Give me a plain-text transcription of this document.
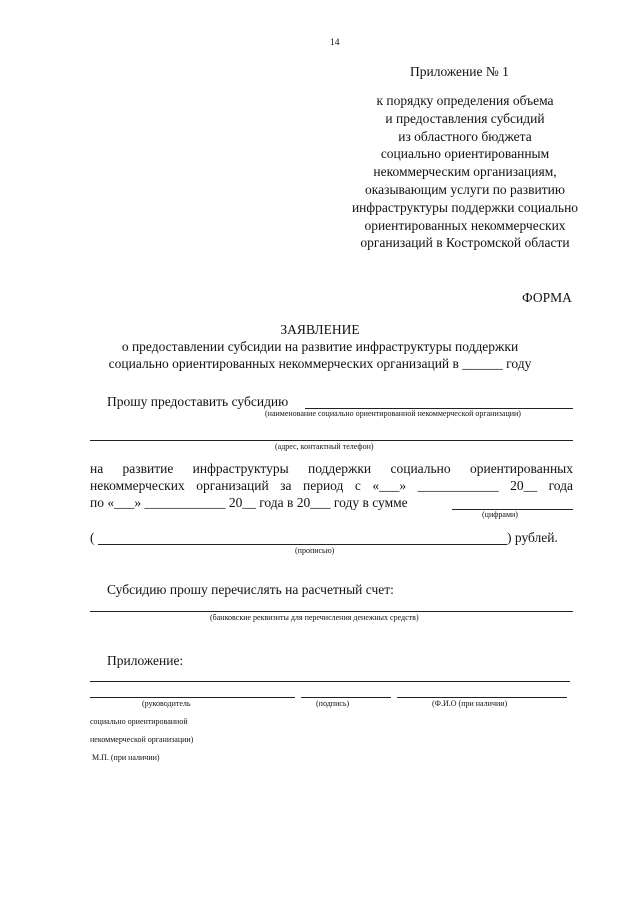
14
Приложение № 1
к порядку определения объема
и предоставления субсидий
из областного бюджета
социально ориентированным
некоммерческим организациям,
оказывающим услуги по развитию
инфраструктуры поддержки социально
ориентированных некоммерческих
организаций в Костромской области
ФОРМА
ЗАЯВЛЕНИЕ
о предоставлении субсидии на развитие инфраструктуры поддержки
социально ориентированных некоммерческих организаций в ______ году
Прошу предоставить субсидию
(наименование социально ориентированной некоммерческой организации)
(адрес, контактный телефон)
на развитие инфраструктуры поддержки социально ориентированных
некоммерческих организаций за период с «___» ____________ 20__ года
по «___» ____________ 20__ года в 20___ году в сумме
(цифрами)
(	) рублей.
(прописью)
Субсидию прошу перечислять на расчетный счет:
(банковские реквизиты для перечисления денежных средств)
Приложение:
(руководитель	(подпись)	(Ф.И.О (при наличии)
социально ориентированной
некоммерческой организации)
М.П. (при наличии)
